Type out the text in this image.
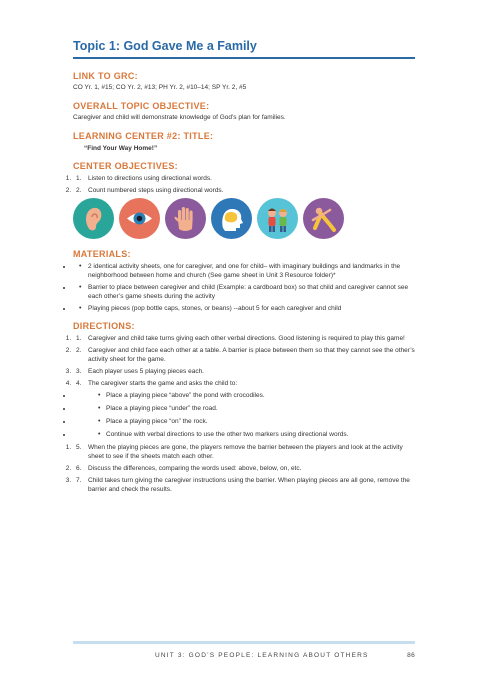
Topic 1: God Gave Me a Family
LINK TO GRC:

CO Yr. 1, #15; CO Yr. 2, #13; PH Yr. 2, #10–14; SP Yr. 2, #5

OVERALL TOPIC OBJECTIVE:

Caregiver and child will demonstrate knowledge of God’s plan for families.

LEARNING CENTER #2: TITLE:

“Find Your Way Home!”

CENTER OBJECTIVES:
1. 1. Listen to directions using directional words.
2. 2. Count numbered steps using directional words.
MATERIALS:
• • 2 identical activity sheets, one for caregiver, and one for child– with imaginary buildings and landmarks in the neighborhood between home and church (See game sheet in Unit 3 Resource folder)*
• • Barrier to place between caregiver and child (Example: a cardboard box) so that child and caregiver cannot see each other’s game sheets during the activity
• • Playing pieces (pop bottle caps, stones, or beans) --about 5 for each caregiver and child
DIRECTIONS:
1. 1. Caregiver and child take turns giving each other verbal directions. Good listening is required to play this game!
2. 2. Caregiver and child face each other at a table. A barrier is place between them so that they cannot see the other’s activity sheet for the game.
3. 3. Each player uses 5 playing pieces each.
4. 4. The caregiver starts the game and asks the child to:
• • Place a playing piece “above” the pond with crocodiles.
• • Place a playing piece “under” the road.
• • Place a playing piece “on” the rock.
• • Continue with verbal directions to use the other two markers using directional words.
1. 5. When the playing pieces are gone, the players remove the barrier between the players and look at the activity sheet to see if the sheets match each other.
2. 6. Discuss the differences, comparing the words used: above, below, on, etc.
3. 7. Child takes turn giving the caregiver instructions using the barrier. When playing pieces are all gone, remove the barrier and check the results.
UNIT 3: GOD’S PEOPLE: LEARNING ABOUT OTHERS	86
